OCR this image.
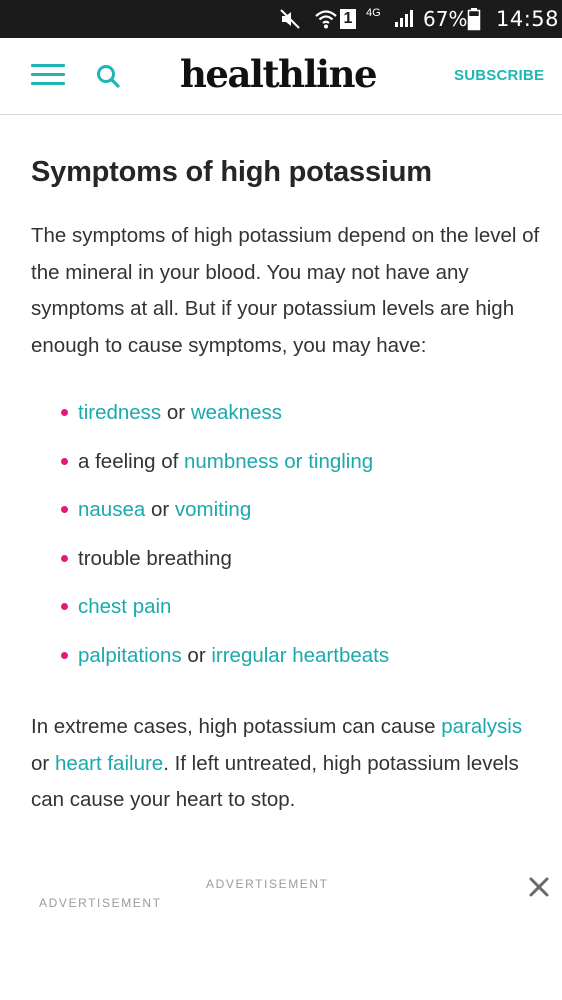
1	4G 67% 14:58
healthline	SUBSCRIBE
Symptoms of high potassium

The symptoms of high potassium depend on the level of the mineral in your blood. You may not have any symptoms at all. But if your potassium levels are high enough to cause symptoms, you may have:

tiredness or weakness
a feeling of numbness or tingling
nausea or vomiting
trouble breathing
chest pain
palpitations or irregular heartbeats

In extreme cases, high potassium can cause paralysis or heart failure. If left untreated, high potassium levels can cause your heart to stop.

ADVERTISEMENT
ADVERTISEMENT
